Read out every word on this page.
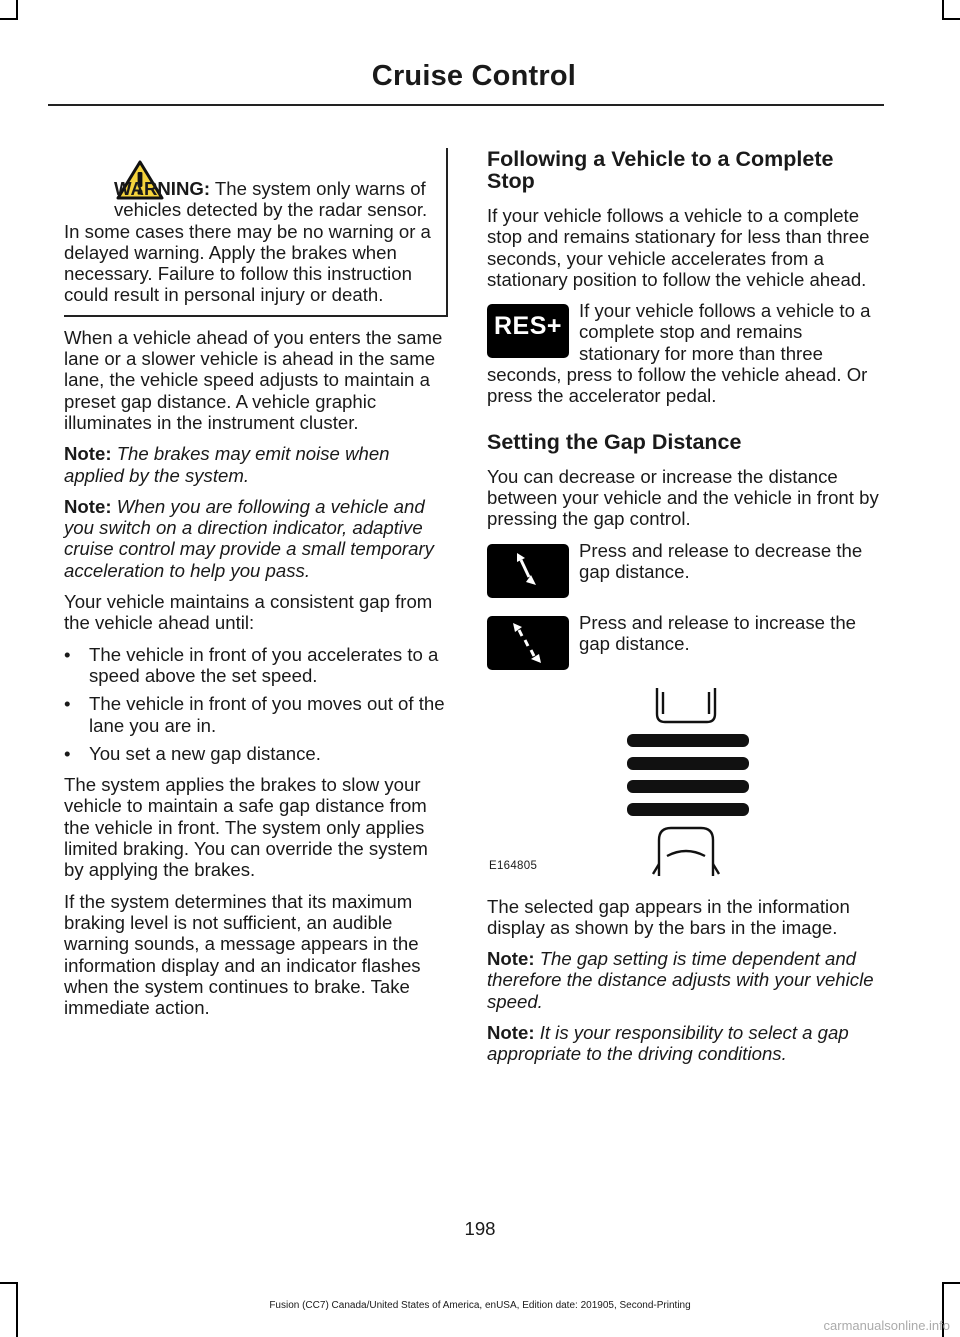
Cruise Control
WARNING: The system only warns of vehicles detected by the radar sensor. In some cases there may be no warning or a delayed warning. Apply the brakes when necessary. Failure to follow this instruction could result in personal injury or death.

When a vehicle ahead of you enters the same lane or a slower vehicle is ahead in the same lane, the vehicle speed adjusts to maintain a preset gap distance. A vehicle graphic illuminates in the instrument cluster.

Note: The brakes may emit noise when applied by the system.

Note: When you are following a vehicle and you switch on a direction indicator, adaptive cruise control may provide a small temporary acceleration to help you pass.

Your vehicle maintains a consistent gap from the vehicle ahead until:

• The vehicle in front of you accelerates to a speed above the set speed.
• The vehicle in front of you moves out of the lane you are in.
• You set a new gap distance.

The system applies the brakes to slow your vehicle to maintain a safe gap distance from the vehicle in front. The system only applies limited braking. You can override the system by applying the brakes.

If the system determines that its maximum braking level is not sufficient, an audible warning sounds, a message appears in the information display and an indicator flashes when the system continues to brake. Take immediate action.

Following a Vehicle to a Complete Stop

If your vehicle follows a vehicle to a complete stop and remains stationary for less than three seconds, your vehicle accelerates from a stationary position to follow the vehicle ahead.

RES+
If your vehicle follows a vehicle to a complete stop and remains stationary for more than three seconds, press to follow the vehicle ahead. Or press the accelerator pedal.
Setting the Gap Distance

You can decrease or increase the distance between your vehicle and the vehicle in front by pressing the gap control.

Press and release to decrease the gap distance.
Press and release to increase the gap distance.
E164805

The selected gap appears in the information display as shown by the bars in the image.

Note: The gap setting is time dependent and therefore the distance adjusts with your vehicle speed.

Note: It is your responsibility to select a gap appropriate to the driving conditions.

198
Fusion (CC7) Canada/United States of America, enUSA, Edition date: 201905, Second-Printing
carmanualsonline.info
